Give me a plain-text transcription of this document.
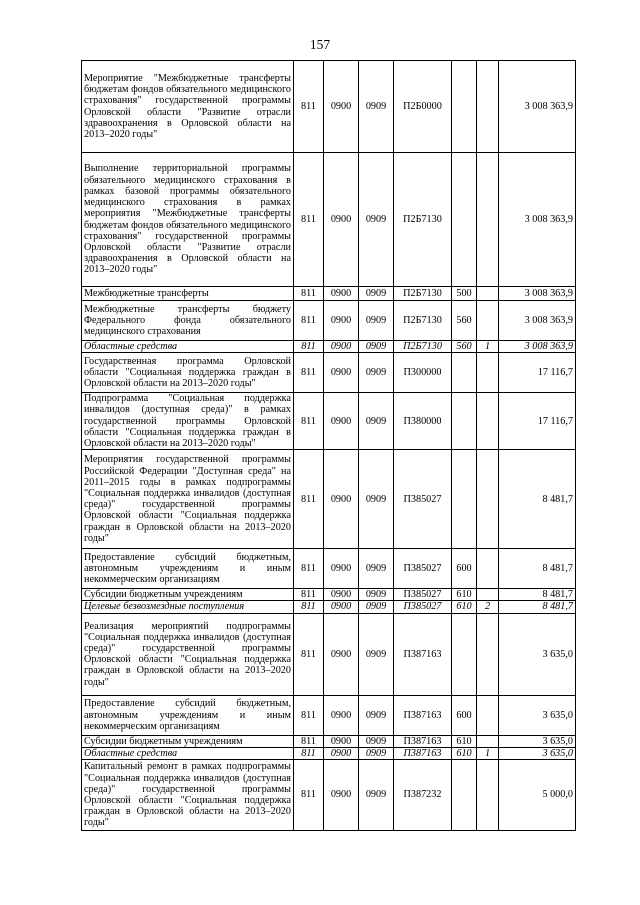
157
Мероприятие "Межбюджетные трансферты бюджетам фондов обязательного медицинского страхования" государственной программы Орловской области "Развитие отрасли здравоохранения в Орловской области на 2013–2020 годы"	811	0900	0909	П2Б0000			3 008 363,9
Выполнение территориальной программы обязательного медицинского страхования в рамках базовой программы обязательного медицинского страхования в рамках мероприятия "Межбюджетные трансферты бюджетам фондов обязательного медицинского страхования" государственной программы Орловской области "Развитие отрасли здравоохранения в Орловской области на 2013–2020 годы"	811	0900	0909	П2Б7130			3 008 363,9
Межбюджетные трансферты	811	0900	0909	П2Б7130	500		3 008 363,9
Межбюджетные трансферты бюджету Федерального фонда обязательного медицинского страхования	811	0900	0909	П2Б7130	560		3 008 363,9
Областные средства	811	0900	0909	П2Б7130	560	1	3 008 363,9
Государственная программа Орловской области "Социальная поддержка граждан в Орловской области на 2013–2020 годы"	811	0900	0909	П300000			17 116,7
Подпрограмма "Социальная поддержка инвалидов (доступная среда)" в рамках государственной программы Орловской области "Социальная поддержка граждан в Орловской области на 2013–2020 годы"	811	0900	0909	П380000			17 116,7
Мероприятия государственной программы Российской Федерации "Доступная среда" на 2011–2015 годы в рамках подпрограммы "Социальная поддержка инвалидов (доступная среда)" государственной программы Орловской области "Социальная поддержка граждан в Орловской области на 2013–2020 годы"	811	0900	0909	П385027			8 481,7
Предоставление субсидий бюджетным, автономным учреждениям и иным некоммерческим организациям	811	0900	0909	П385027	600		8 481,7
Субсидии бюджетным учреждениям	811	0900	0909	П385027	610		8 481,7
Целевые безвозмездные поступления	811	0900	0909	П385027	610	2	8 481,7
Реализация мероприятий подпрограммы "Социальная поддержка инвалидов (доступная среда)" государственной программы Орловской области "Социальная поддержка граждан в Орловской области на 2013–2020 годы"	811	0900	0909	П387163			3 635,0
Предоставление субсидий бюджетным, автономным учреждениям и иным некоммерческим организациям	811	0900	0909	П387163	600		3 635,0
Субсидии бюджетным учреждениям	811	0900	0909	П387163	610		3 635,0
Областные средства	811	0900	0909	П387163	610	1	3 635,0
Капитальный ремонт в рамках подпрограммы "Социальная поддержка инвалидов (доступная среда)" государственной программы Орловской области "Социальная поддержка граждан в Орловской области на 2013–2020 годы"	811	0900	0909	П387232			5 000,0
